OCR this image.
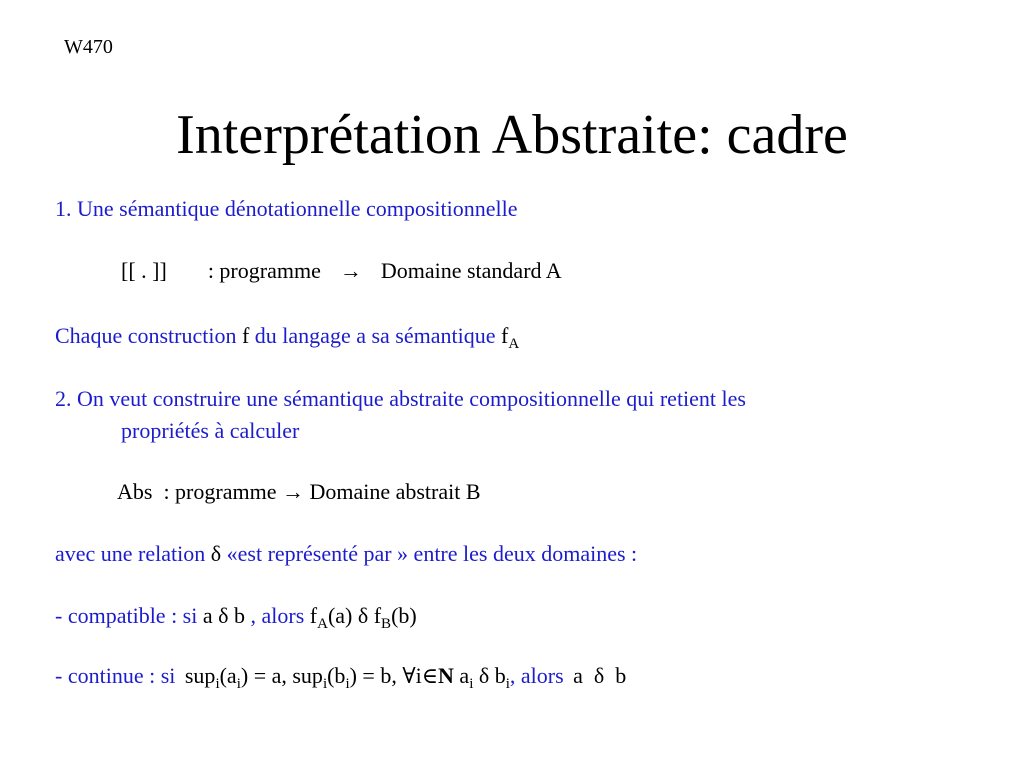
W470
Interprétation Abstraite: cadre
1. Une sémantique dénotationnelle compositionnelle
[[ . ]] : programme → Domaine standard A
Chaque construction f du langage a sa sémantique $f_A$
2. On veut construire une sémantique abstraite compositionnelle qui retient les
propriétés à calculer
Abs  : programme → Domaine abstrait B
avec une relation δ «est représenté par » entre les deux domaines :
- compatible : si a δ b , alors $f_A(a)$ δ $f_B(b)$
- continue : si $sup_i(a_i) = a$, $sup_i(b_i) = b$, ∀i∈N $a_i$ δ $b_i$, alors a  δ  b
